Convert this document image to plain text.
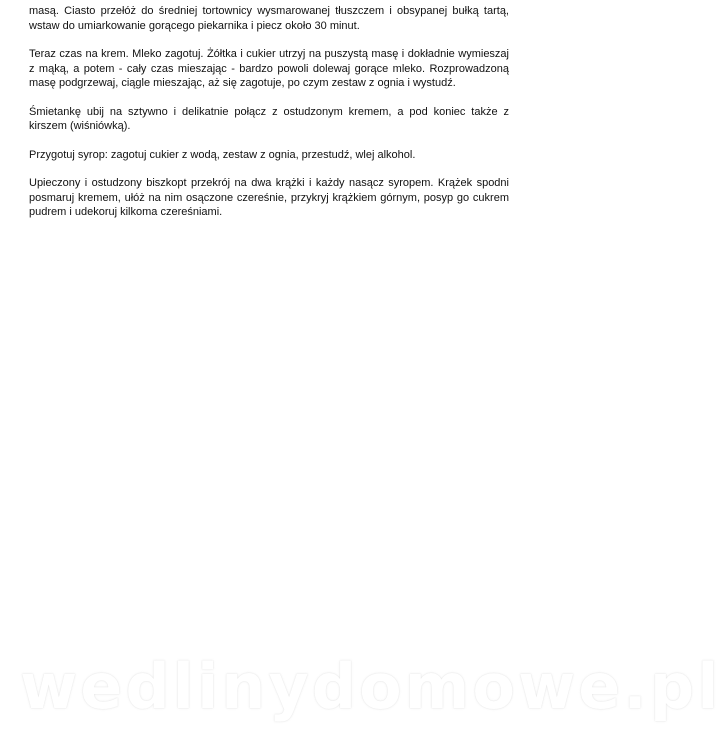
masą. Ciasto przełóż do średniej tortownicy wysmarowanej tłuszczem i obsypanej bułką tartą, wstaw do umiarkowanie gorącego piekarnika i piecz około 30 minut.

Teraz czas na krem. Mleko zagotuj. Żółtka i cukier utrzyj na puszystą masę i dokładnie wymieszaj z mąką, a potem - cały czas mieszając - bardzo powoli dolewaj gorące mleko. Rozprowadzoną masę podgrzewaj, ciągle mieszając, aż się zagotuje, po czym zestaw z ognia i wystudź.

Śmietankę ubij na sztywno i delikatnie połącz z ostudzonym kremem, a pod koniec także z kirszem (wiśniówką).

Przygotuj syrop: zagotuj cukier z wodą, zestaw z ognia, przestudź, wlej alkohol.

Upieczony i ostudzony biszkopt przekrój na dwa krążki i każdy nasącz syropem. Krążek spodni posmaruj kremem, ułóż na nim osączone czereśnie, przykryj krążkiem górnym, posyp go cukrem pudrem i udekoruj kilkoma czereśniami.

wedlinydomowe.pl
